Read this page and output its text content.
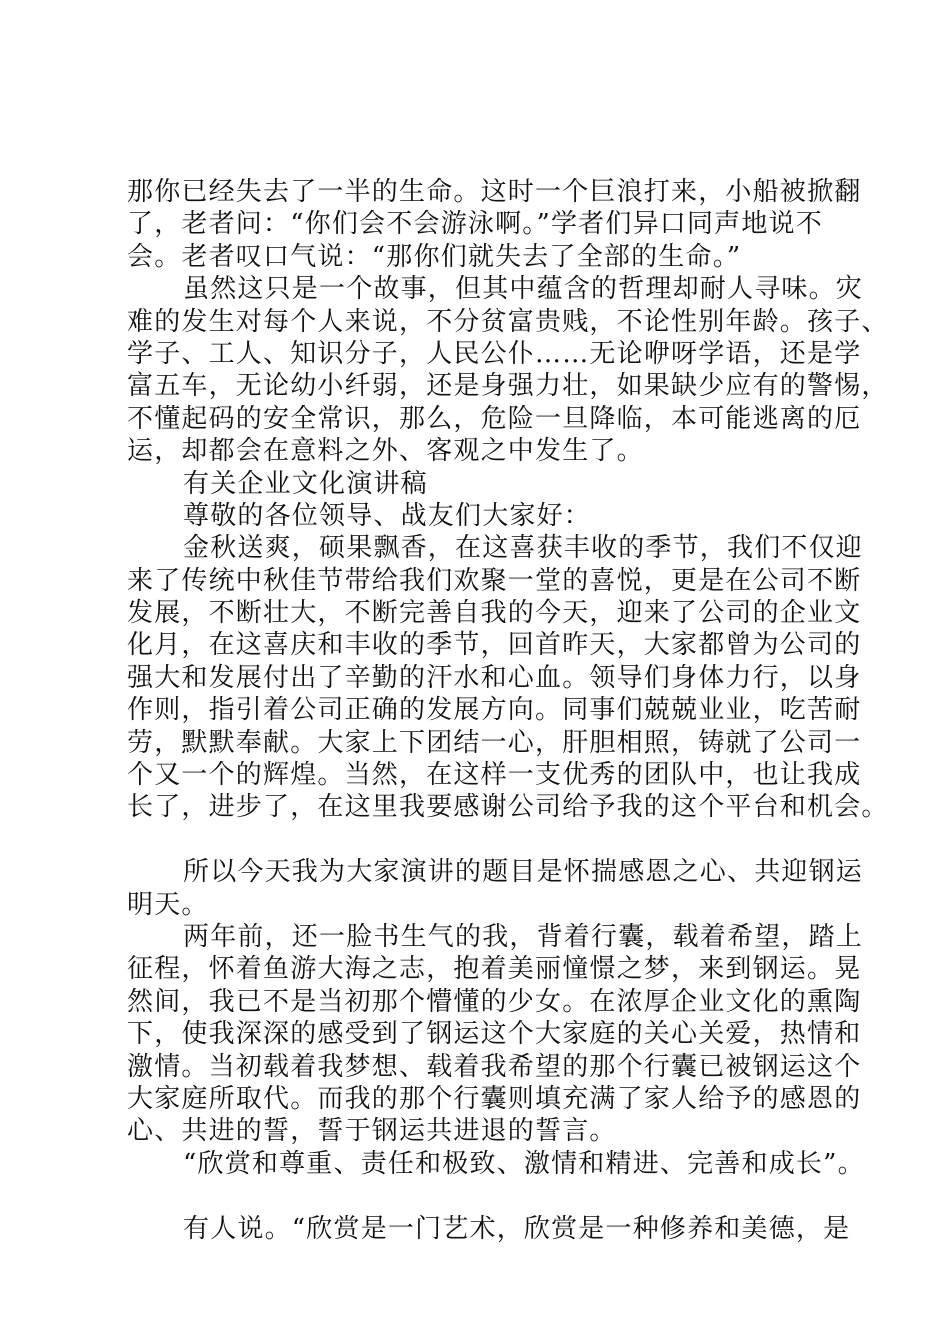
那你已经失去了一半的生命。这时一个巨浪打来，小船被掀翻
了，老者问：“你们会不会游泳啊。”学者们异口同声地说不
会。老者叹口气说：“那你们就失去了全部的生命。”
虽然这只是一个故事，但其中蕴含的哲理却耐人寻味。灾
难的发生对每个人来说，不分贫富贵贱，不论性别年龄。孩子、
学子、工人、知识分子，人民公仆……无论咿呀学语，还是学
富五车，无论幼小纤弱，还是身强力壮，如果缺少应有的警惕，
不懂起码的安全常识，那么，危险一旦降临，本可能逃离的厄
运，却都会在意料之外、客观之中发生了。
有关企业文化演讲稿
尊敬的各位领导、战友们大家好：
金秋送爽，硕果飘香，在这喜获丰收的季节，我们不仅迎
来了传统中秋佳节带给我们欢聚一堂的喜悦，更是在公司不断
发展，不断壮大，不断完善自我的今天，迎来了公司的企业文
化月，在这喜庆和丰收的季节，回首昨天，大家都曾为公司的
强大和发展付出了辛勤的汗水和心血。领导们身体力行，以身
作则，指引着公司正确的发展方向。同事们兢兢业业，吃苦耐
劳，默默奉献。大家上下团结一心，肝胆相照，铸就了公司一
个又一个的辉煌。当然，在这样一支优秀的团队中，也让我成
长了，进步了，在这里我要感谢公司给予我的这个平台和机会。
所以今天我为大家演讲的题目是怀揣感恩之心、共迎钢运
明天。
两年前，还一脸书生气的我，背着行囊，载着希望，踏上
征程，怀着鱼游大海之志，抱着美丽憧憬之梦，来到钢运。晃
然间，我已不是当初那个懵懂的少女。在浓厚企业文化的熏陶
下，使我深深的感受到了钢运这个大家庭的关心关爱，热情和
激情。当初载着我梦想、载着我希望的那个行囊已被钢运这个
大家庭所取代。而我的那个行囊则填充满了家人给予的感恩的
心、共进的誓，誓于钢运共进退的誓言。
“欣赏和尊重、责任和极致、激情和精进、完善和成长”。
有人说。“欣赏是一门艺术，欣赏是一种修养和美德，是
